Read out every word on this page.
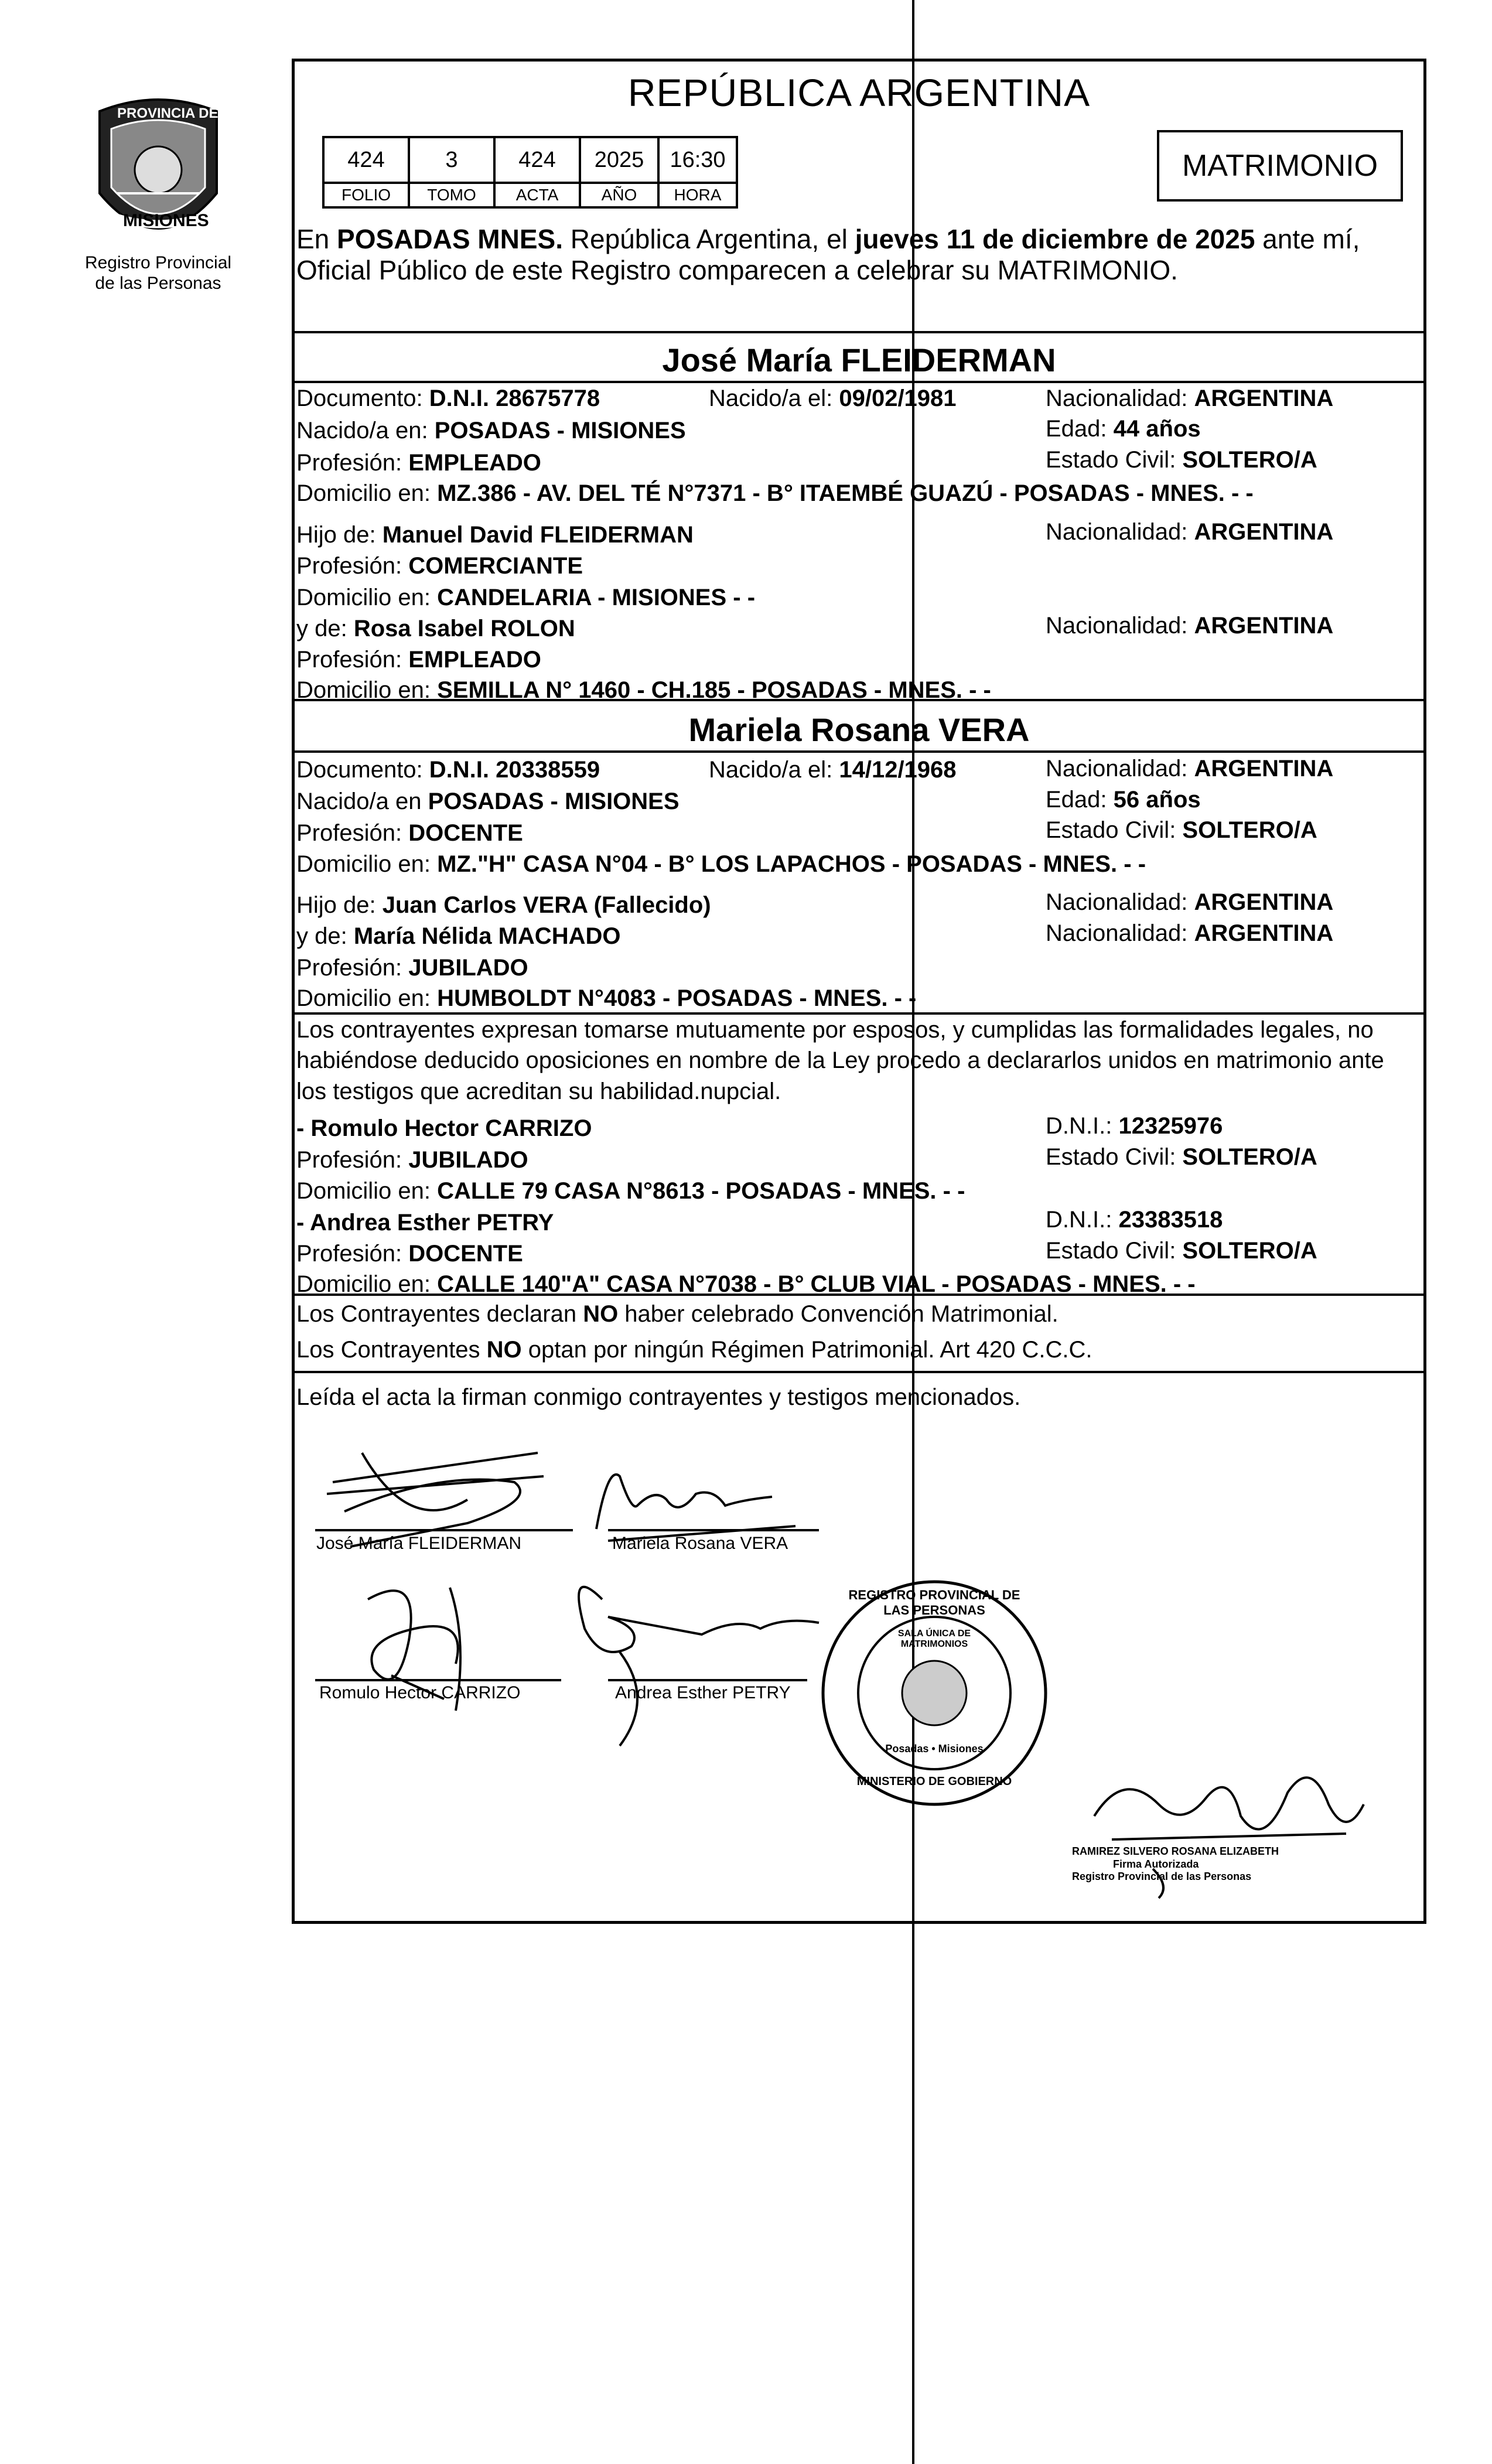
PROVINCIA DE
MISIONES
Registro Provincial
de las Personas
REPÚBLICA ARGENTINA
424	3	424	2025	16:30
FOLIO	TOMO	ACTA	AÑO	HORA
MATRIMONIO
En POSADAS MNES. República Argentina, el jueves 11 de diciembre de 2025 ante mí,
Oficial Público de este Registro comparecen a celebrar su MATRIMONIO.
José María FLEIDERMAN
Documento: D.N.I. 28675778	Nacido/a el: 09/02/1981	Nacionalidad: ARGENTINA
Nacido/a en: POSADAS - MISIONES	Edad: 44 años
Profesión: EMPLEADO	Estado Civil: SOLTERO/A
Domicilio en: MZ.386 - AV. DEL TÉ N°7371 - B° ITAEMBÉ GUAZÚ - POSADAS - MNES. - -
Hijo de: Manuel David FLEIDERMAN	Nacionalidad: ARGENTINA
Profesión: COMERCIANTE
Domicilio en: CANDELARIA - MISIONES - -
y de: Rosa Isabel ROLON	Nacionalidad: ARGENTINA
Profesión: EMPLEADO
Domicilio en: SEMILLA N° 1460 - CH.185 - POSADAS - MNES. - -
Mariela Rosana VERA
Documento: D.N.I. 20338559	Nacido/a el: 14/12/1968	Nacionalidad: ARGENTINA
Nacido/a en POSADAS - MISIONES	Edad: 56 años
Profesión: DOCENTE	Estado Civil: SOLTERO/A
Domicilio en: MZ."H" CASA N°04 - B° LOS LAPACHOS - POSADAS - MNES. - -
Hijo de: Juan Carlos VERA (Fallecido)	Nacionalidad: ARGENTINA
y de: María Nélida MACHADO	Nacionalidad: ARGENTINA
Profesión: JUBILADO
Domicilio en: HUMBOLDT N°4083 - POSADAS - MNES. - -
Los contrayentes expresan tomarse mutuamente por esposos, y cumplidas las formalidades legales, no
habiéndose deducido oposiciones en nombre de la Ley procedo a declararlos unidos en matrimonio ante
los testigos que acreditan su habilidad.nupcial.
- Romulo Hector CARRIZO	D.N.I.: 12325976
Profesión: JUBILADO	Estado Civil: SOLTERO/A
Domicilio en: CALLE 79 CASA N°8613 - POSADAS - MNES. - -
- Andrea Esther PETRY	D.N.I.: 23383518
Profesión: DOCENTE	Estado Civil: SOLTERO/A
Domicilio en: CALLE 140"A" CASA N°7038 - B° CLUB VIAL - POSADAS - MNES. - -
Los Contrayentes declaran NO haber celebrado Convención Matrimonial.
Los Contrayentes NO optan por ningún Régimen Patrimonial. Art 420 C.C.C.
Leída el acta la firman conmigo contrayentes y testigos mencionados.
José María FLEIDERMAN	Mariela Rosana VERA
Romulo Hector CARRIZO	Andrea Esther PETRY
RAMIREZ SILVERO ROSANA ELIZABETH
Firma Autorizada
Registro Provincial de las Personas
REGISTRO PROVINCIAL DE LAS PERSONAS
SALA ÚNICA DE MATRIMONIOS
Posadas • Misiones
MINISTERIO DE GOBIERNO
